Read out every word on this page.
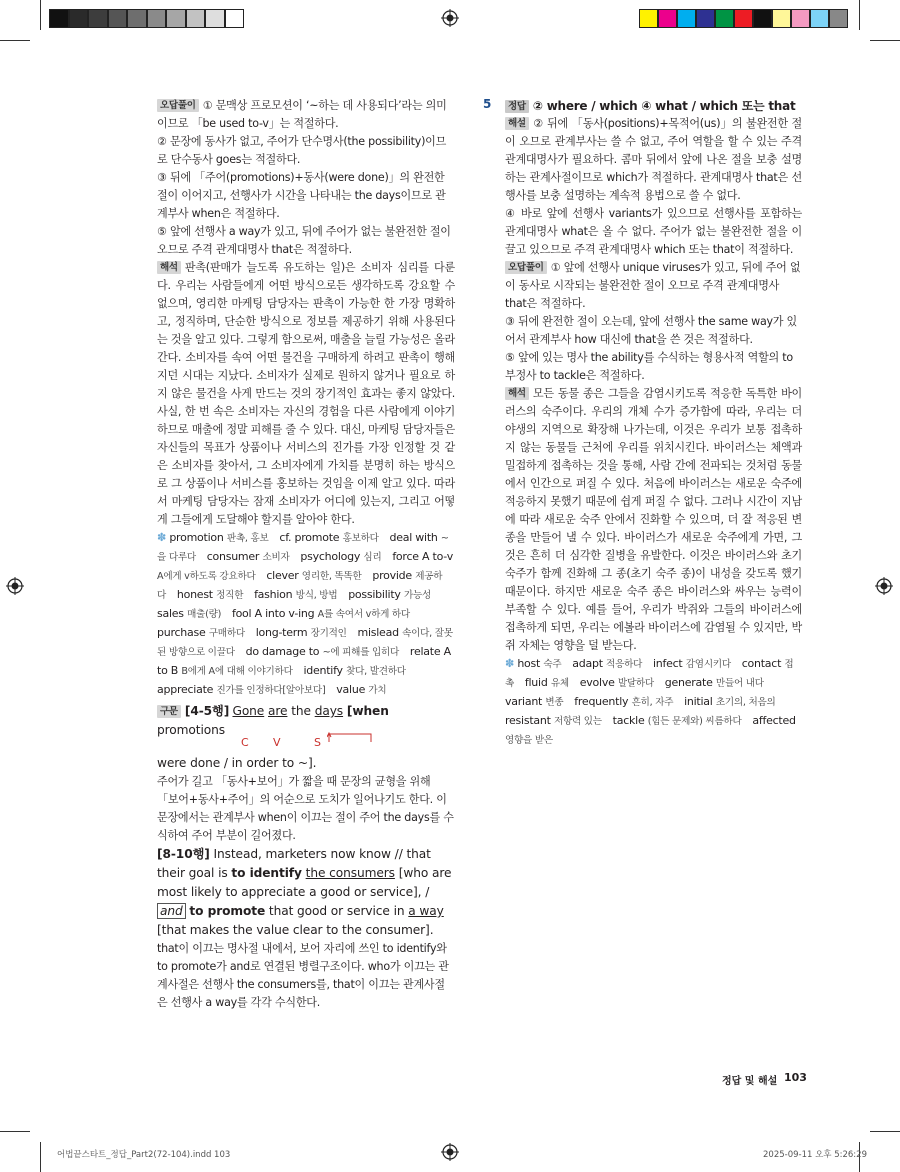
오답풀이 ① 문맥상 프로모션이 ‘~하는 데 사용되다’라는 의미이므로 「be used to-v」는 적절하다.

② 문장에 동사가 없고, 주어가 단수명사(the possibility)이므로 단수동사 goes는 적절하다.

③ 뒤에 「주어(promotions)+동사(were done)」의 완전한 절이 이어지고, 선행사가 시간을 나타내는 the days이므로 관계부사 when은 적절하다.

⑤ 앞에 선행사 a way가 있고, 뒤에 주어가 없는 불완전한 절이 오므로 주격 관계대명사 that은 적절하다.

해석 판촉(판매가 늘도록 유도하는 일)은 소비자 심리를 다룬다. 우리는 사람들에게 어떤 방식으로든 생각하도록 강요할 수 없으며, 영리한 마케팅 담당자는 판촉이 가능한 한 가장 명확하고, 정직하며, 단순한 방식으로 정보를 제공하기 위해 사용된다는 것을 알고 있다. 그렇게 함으로써, 매출을 늘릴 가능성은 올라간다. 소비자를 속여 어떤 물건을 구매하게 하려고 판촉이 행해지던 시대는 지났다. 소비자가 실제로 원하지 않거나 필요로 하지 않은 물건을 사게 만드는 것의 장기적인 효과는 좋지 않았다. 사실, 한 번 속은 소비자는 자신의 경험을 다른 사람에게 이야기하므로 매출에 정말 피해를 줄 수 있다. 대신, 마케팅 담당자들은 자신들의 목표가 상품이나 서비스의 진가를 가장 인정할 것 같은 소비자를 찾아서, 그 소비자에게 가치를 분명히 하는 방식으로 그 상품이나 서비스를 홍보하는 것임을 이제 알고 있다. 따라서 마케팅 담당자는 잠재 소비자가 어디에 있는지, 그리고 어떻게 그들에게 도달해야 할지를 알아야 한다.

✽ promotion 판촉, 홍보  cf. promote 홍보하다  deal with ~을 다루다  consumer 소비자  psychology 심리  force A to-v A에게 v하도록 강요하다  clever 영리한, 똑똑한  provide 제공하다  honest 정직한  fashion 방식, 방법  possibility 가능성 sales 매출(량)  fool A into v-ing A를 속여서 v하게 하다 purchase 구매하다  long-term 장기적인  mislead 속이다, 잘못된 방향으로 이끌다  do damage to ~에 피해를 입히다  relate A to B B에게 A에 대해 이야기하다  identify 찾다, 발견하다 appreciate 진가를 인정하다[알아보다]  value 가치 

구문 [4-5행] Gone are the days [when promotions

C V	S

were done / in order to ~].

주어가 길고 「동사+보어」가 짧을 때 문장의 균형을 위해 「보어+동사+주어」의 어순으로 도치가 일어나기도 한다. 이 문장에서는 관계부사 when이 이끄는 절이 주어 the days를 수식하여 주어 부분이 길어졌다.

[8-10행] Instead, marketers now know // that their goal is to identify the consumers [who are most likely to appreciate a good or service], / and to promote that good or service in a way [that makes the value clear to the consumer].

that이 이끄는 명사절 내에서, 보어 자리에 쓰인 to identify와 to promote가 and로 연결된 병렬구조이다. who가 이끄는 관계사절은 선행사 the consumers를, that이 이끄는 관계사절은 선행사 a way를 각각 수식한다.

5	정답 ② where / which ④ what / which 또는 that

해설 ② 뒤에 「동사(positions)+목적어(us)」의 불완전한 절이 오므로 관계부사는 쓸 수 없고, 주어 역할을 할 수 있는 주격 관계대명사가 필요하다. 콤마 뒤에서 앞에 나온 절을 보충 설명하는 관계사절이므로 which가 적절하다. 관계대명사 that은 선행사를 보충 설명하는 계속적 용법으로 쓸 수 없다.

④ 바로 앞에 선행사 variants가 있으므로 선행사를 포함하는 관계대명사 what은 올 수 없다. 주어가 없는 불완전한 절을 이끌고 있으므로 주격 관계대명사 which 또는 that이 적절하다.

오답풀이 ① 앞에 선행사 unique viruses가 있고, 뒤에 주어 없이 동사로 시작되는 불완전한 절이 오므로 주격 관계대명사 that은 적절하다.

③ 뒤에 완전한 절이 오는데, 앞에 선행사 the same way가 있어서 관계부사 how 대신에 that을 쓴 것은 적절하다.

⑤ 앞에 있는 명사 the ability를 수식하는 형용사적 역할의 to부정사 to tackle은 적절하다.

해석 모든 동물 종은 그들을 감염시키도록 적응한 독특한 바이러스의 숙주이다. 우리의 개체 수가 증가함에 따라, 우리는 더 야생의 지역으로 확장해 나가는데, 이것은 우리가 보통 접촉하지 않는 동물들 근처에 우리를 위치시킨다. 바이러스는 체액과 밀접하게 접촉하는 것을 통해, 사람 간에 전파되는 것처럼 동물에서 인간으로 퍼질 수 있다. 처음에 바이러스는 새로운 숙주에 적응하지 못했기 때문에 쉽게 퍼질 수 없다. 그러나 시간이 지남에 따라 새로운 숙주 안에서 진화할 수 있으며, 더 잘 적응된 변종을 만들어 낼 수 있다. 바이러스가 새로운 숙주에게 가면, 그것은 흔히 더 심각한 질병을 유발한다. 이것은 바이러스와 초기 숙주가 함께 진화해 그 종(초기 숙주 종)이 내성을 갖도록 했기 때문이다. 하지만 새로운 숙주 종은 바이러스와 싸우는 능력이 부족할 수 있다. 예를 들어, 우리가 박쥐와 그들의 바이러스에 접촉하게 되면, 우리는 에볼라 바이러스에 감염될 수 있지만, 박쥐 자체는 영향을 덜 받는다.

✽ host 숙주  adapt 적응하다  infect 감염시키다  contact 접촉  fluid 유체  evolve 발달하다  generate 만들어 내다 variant 변종  frequently 흔히, 자주  initial 초기의, 처음의 resistant 저항력 있는  tackle (힘든 문제와) 씨름하다  affected 영향을 받은 

정답 및 해설 103
어법끝스타트_정답_Part2(72-104).indd 103	2025-09-11 오후 5:26:29
